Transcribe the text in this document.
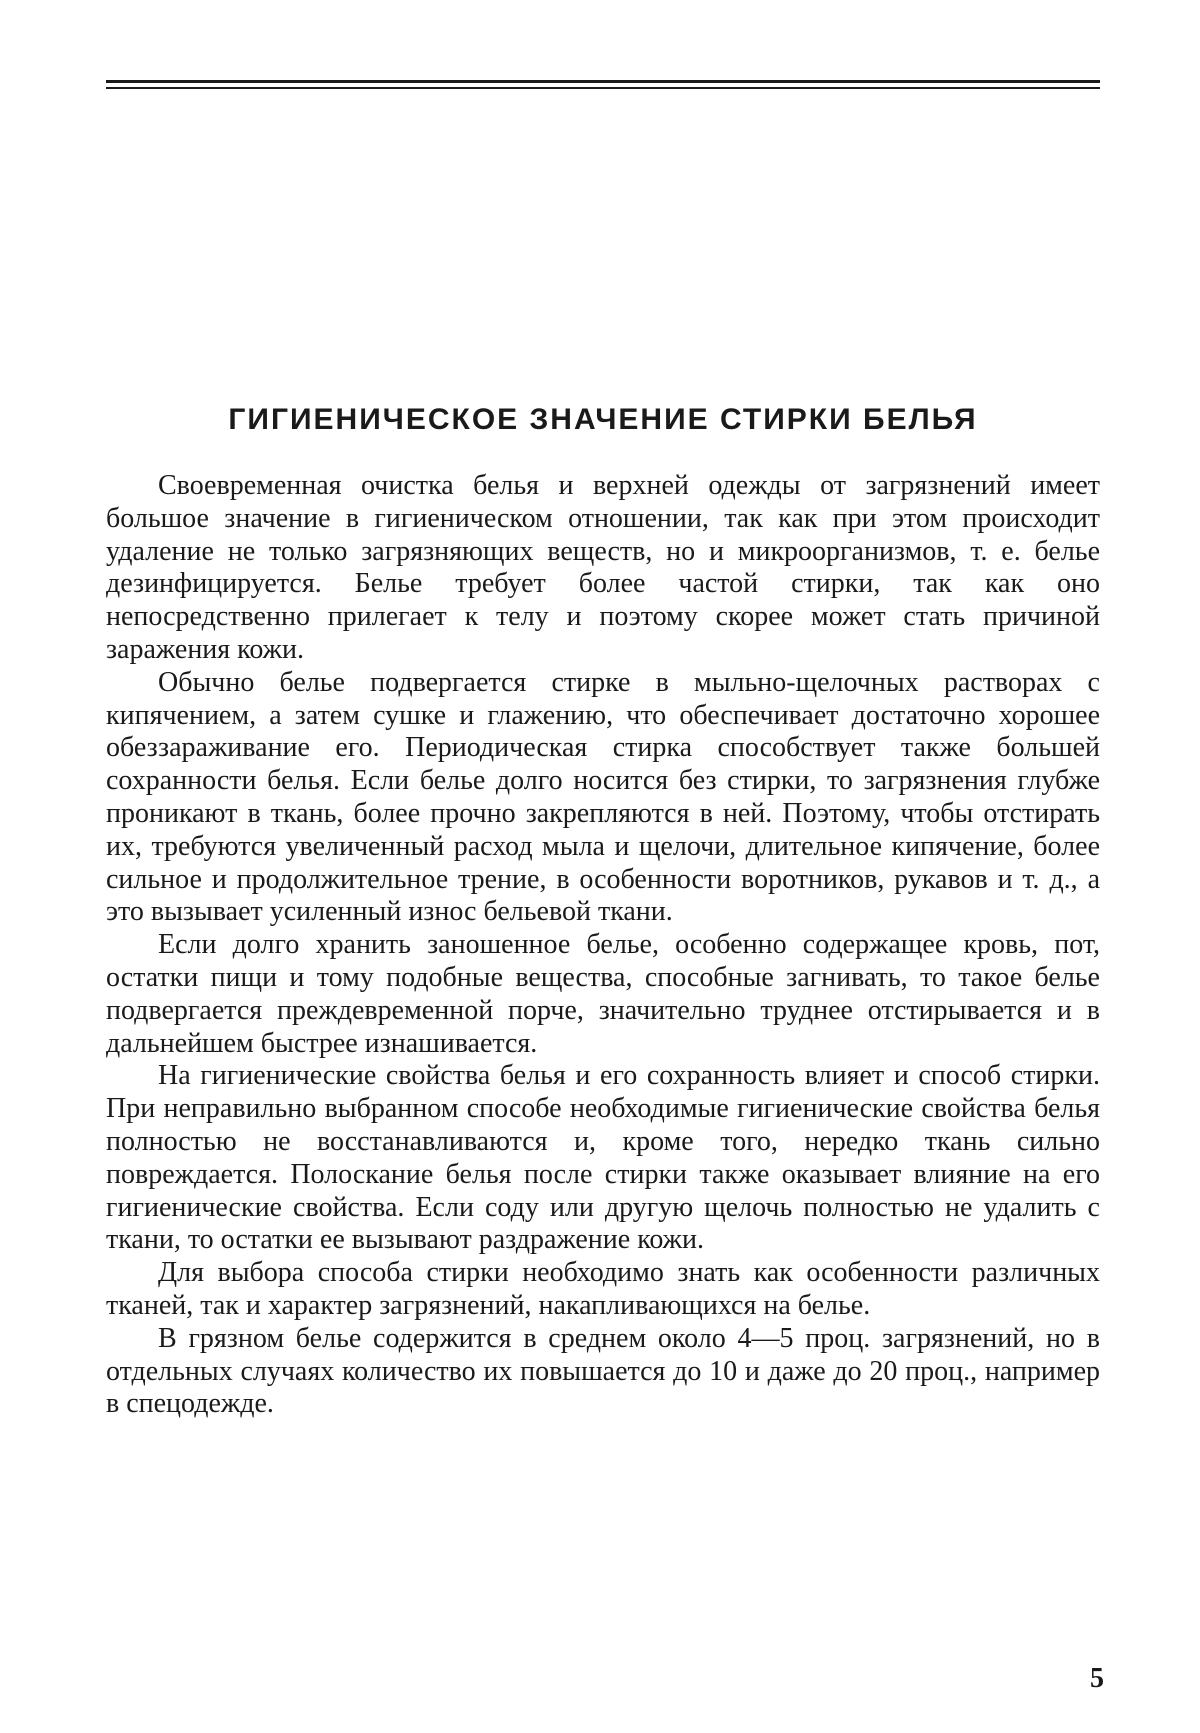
ГИГИЕНИЧЕСКОЕ ЗНАЧЕНИЕ СТИРКИ БЕЛЬЯ

Своевременная очистка белья и верхней одежды от загрязнений имеет большое значение в гигиеническом отношении, так как при этом происходит удаление не только загрязняющих веществ, но и микроорганизмов, т. е. белье дезинфицируется. Белье требует более частой стирки, так как оно непосредственно прилегает к телу и поэтому скорее может стать причиной заражения кожи.

Обычно белье подвергается стирке в мыльно-щелочных растворах с кипячением, а затем сушке и глажению, что обеспечивает достаточно хорошее обеззараживание его. Периодическая стирка способствует также большей сохранности белья. Если белье долго носится без стирки, то загрязнения глубже проникают в ткань, более прочно закрепляются в ней. Поэтому, чтобы отстирать их, требуются увеличенный расход мыла и щелочи, длительное кипячение, более сильное и продолжительное трение, в особенности воротников, рукавов и т. д., а это вызывает усиленный износ бельевой ткани.

Если долго хранить заношенное белье, особенно содержащее кровь, пот, остатки пищи и тому подобные вещества, способные загнивать, то такое белье подвергается преждевременной порче, значительно труднее отстирывается и в дальнейшем быстрее изнашивается.

На гигиенические свойства белья и его сохранность влияет и способ стирки. При неправильно выбранном способе необходимые гигиенические свойства белья полностью не восстанавливаются и, кроме того, нередко ткань сильно повреждается. Полоскание белья после стирки также оказывает влияние на его гигиенические свойства. Если соду или другую щелочь полностью не удалить с ткани, то остатки ее вызывают раздражение кожи.

Для выбора способа стирки необходимо знать как особенности различных тканей, так и характер загрязнений, накапливающихся на белье.

В грязном белье содержится в среднем около 4—5 проц. загрязнений, но в отдельных случаях количество их повышается до 10 и даже до 20 проц., например в спецодежде.

5
